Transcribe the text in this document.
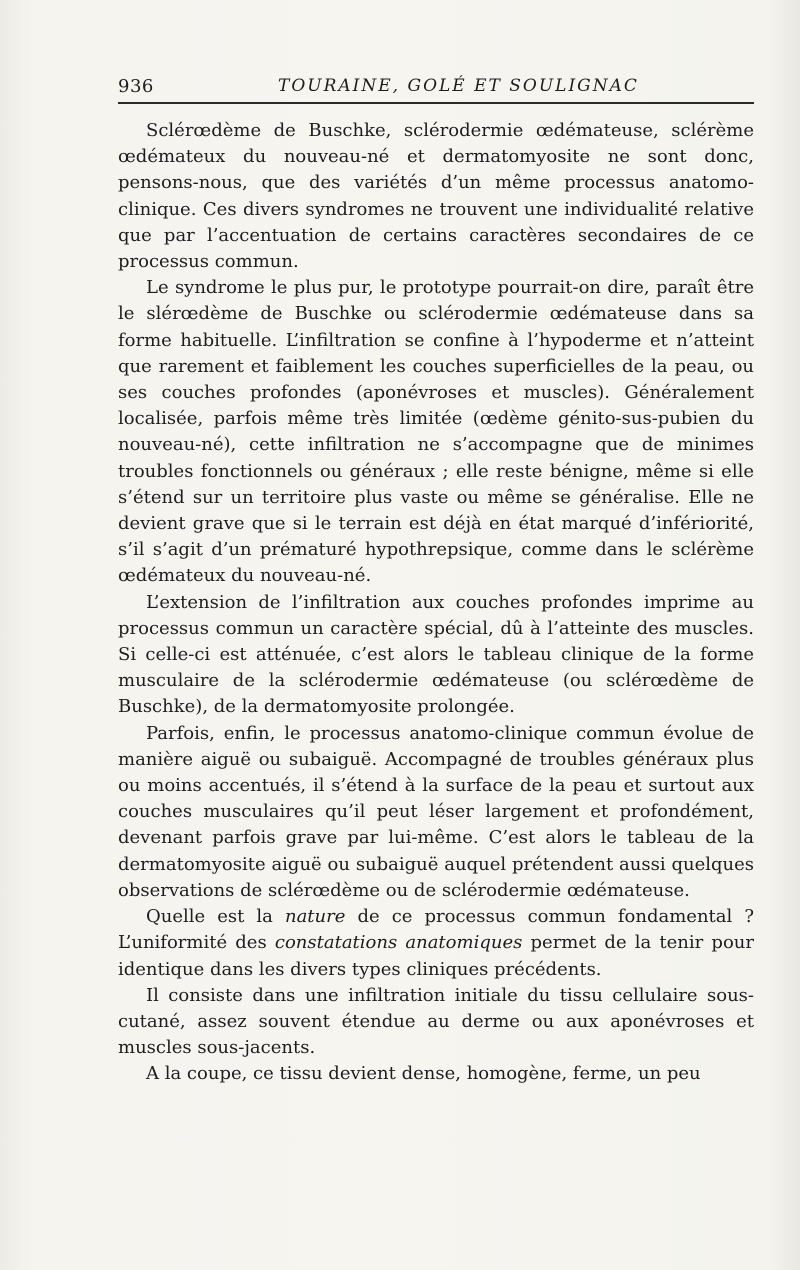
936	TOURAINE, GOLÉ ET SOULIGNAC

Sclérœdème de Buschke, sclérodermie œdémateuse, sclérème œdémateux du nouveau-né et dermatomyosite ne sont donc, pensons-nous, que des variétés d’un même processus anatomo-clinique. Ces divers syndromes ne trouvent une individualité relative que par l’accentuation de certains caractères secondaires de ce processus commun.

Le syndrome le plus pur, le prototype pourrait-on dire, paraît être le slérœdème de Buschke ou sclérodermie œdémateuse dans sa forme habituelle. L’infiltration se confine à l’hypoderme et n’atteint que rarement et faiblement les couches superficielles de la peau, ou ses couches profondes (aponévroses et muscles). Généralement localisée, parfois même très limitée (œdème génito-sus-pubien du nouveau-né), cette infiltration ne s’accompagne que de minimes troubles fonctionnels ou généraux ; elle reste bénigne, même si elle s’étend sur un territoire plus vaste ou même se généralise. Elle ne devient grave que si le terrain est déjà en état marqué d’infériorité, s’il s’agit d’un prématuré hypothrepsique, comme dans le sclérème œdémateux du nouveau-né.

L’extension de l’infiltration aux couches profondes imprime au processus commun un caractère spécial, dû à l’atteinte des muscles. Si celle-ci est atténuée, c’est alors le tableau clinique de la forme musculaire de la sclérodermie œdémateuse (ou sclérœdème de Buschke), de la dermatomyosite prolongée.

Parfois, enfin, le processus anatomo-clinique commun évolue de manière aiguë ou subaiguë. Accompagné de troubles généraux plus ou moins accentués, il s’étend à la surface de la peau et surtout aux couches musculaires qu’il peut léser largement et profondément, devenant parfois grave par lui-même. C’est alors le tableau de la dermatomyosite aiguë ou subaiguë auquel prétendent aussi quelques observations de sclérœdème ou de sclérodermie œdémateuse.

Quelle est la nature de ce processus commun fondamental ? L’uniformité des constatations anatomiques permet de la tenir pour identique dans les divers types cliniques précédents.

Il consiste dans une infiltration initiale du tissu cellulaire sous-cutané, assez souvent étendue au derme ou aux aponévroses et muscles sous-jacents.

A la coupe, ce tissu devient dense, homogène, ferme, un peu
